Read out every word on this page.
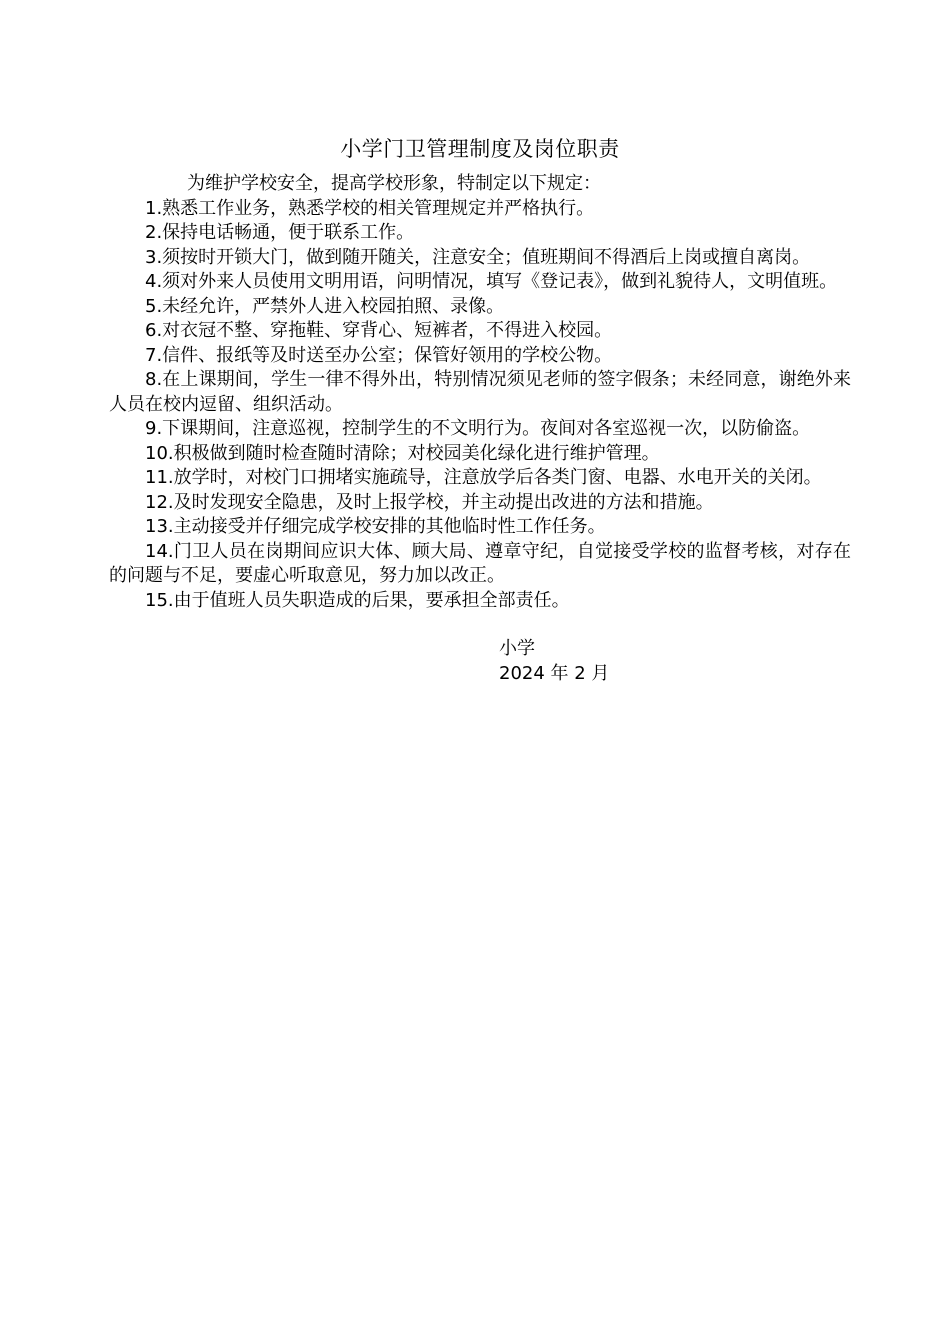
小学门卫管理制度及岗位职责

为维护学校安全，提高学校形象，特制定以下规定：

1.熟悉工作业务，熟悉学校的相关管理规定并严格执行。

2.保持电话畅通，便于联系工作。

3.须按时开锁大门，做到随开随关，注意安全；值班期间不得酒后上岗或擅自离岗。

4.须对外来人员使用文明用语，问明情况，填写《登记表》，做到礼貌待人，文明值班。

5.未经允许，严禁外人进入校园拍照、录像。

6.对衣冠不整、穿拖鞋、穿背心、短裤者，不得进入校园。

7.信件、报纸等及时送至办公室；保管好领用的学校公物。

8.在上课期间，学生一律不得外出，特别情况须见老师的签字假条；未经同意，谢绝外来人员在校内逗留、组织活动。

9.下课期间，注意巡视，控制学生的不文明行为。夜间对各室巡视一次，以防偷盗。

10.积极做到随时检查随时清除；对校园美化绿化进行维护管理。

11.放学时，对校门口拥堵实施疏导，注意放学后各类门窗、电器、水电开关的关闭。

12.及时发现安全隐患，及时上报学校，并主动提出改进的方法和措施。

13.主动接受并仔细完成学校安排的其他临时性工作任务。

14.门卫人员在岗期间应识大体、顾大局、遵章守纪，自觉接受学校的监督考核，对存在的问题与不足，要虚心听取意见，努力加以改正。

15.由于值班人员失职造成的后果，要承担全部责任。

小学
2024 年 2 月
